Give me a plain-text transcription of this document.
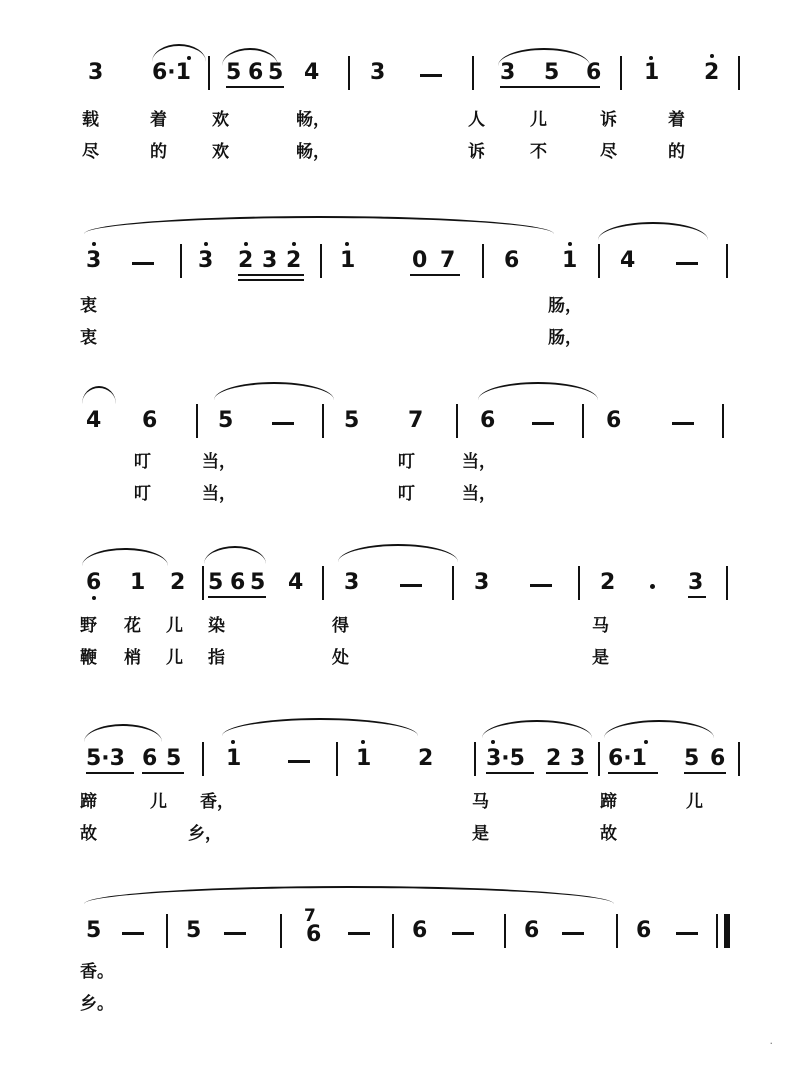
3 6·1 5 6 5 4 3	3 5 6 1 2
载	着	欢	畅，	人	儿	诉	着
尽	的	欢	畅，	诉	不	尽	的
3	3 2 3 2 1	0 7 6 1 4
衷	肠，
衷	肠，
4 6	5	5 7	6	6
叮	当，	叮	当，
叮	当，	叮	当，
6 1 2 5 6 5 4 3	3	2	3
野 花 儿 染	得	马
鞭 梢 儿 指	处	是
5·3 6 5 1	1 2 3·5 2 3 6·1 5 6
蹄	儿 香，	马	蹄	儿
故	乡，	是	故
5	5
7
6	6	6	6
香。
乡。
.
